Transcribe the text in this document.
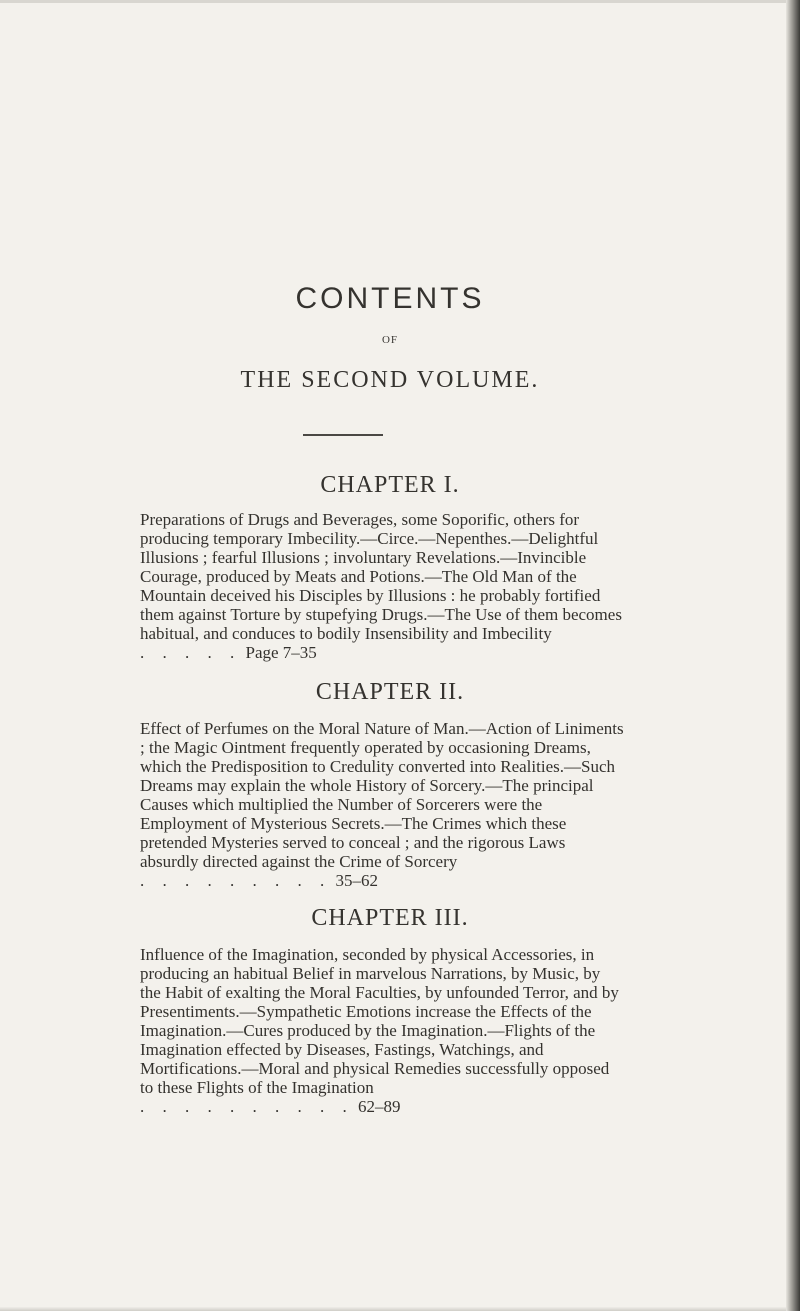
CONTENTS
OF
THE SECOND VOLUME.
CHAPTER I.

Preparations of Drugs and Beverages, some Soporific, others for producing temporary Imbecility.—Circe.—Nepenthes.—Delightful Illusions ; fearful Illusions ; involuntary Revelations.—Invincible Courage, produced by Meats and Potions.—The Old Man of the Mountain deceived his Disciples by Illusions : he probably fortified them against Torture by stupefying Drugs.—The Use of them becomes habitual, and conduces to bodily Insensibility and Imbecility . . . . . Page 7–35

CHAPTER II.

Effect of Perfumes on the Moral Nature of Man.—Action of Liniments ; the Magic Ointment frequently operated by occasioning Dreams, which the Predisposition to Credulity converted into Realities.—Such Dreams may explain the whole History of Sorcery.—The principal Causes which multiplied the Number of Sorcerers were the Employment of Mysterious Secrets.—The Crimes which these pretended Mysteries served to conceal ; and the rigorous Laws absurdly directed against the Crime of Sorcery . . . . . . . . . 35–62

CHAPTER III.

Influence of the Imagination, seconded by physical Accessories, in producing an habitual Belief in marvelous Narrations, by Music, by the Habit of exalting the Moral Faculties, by unfounded Terror, and by Presentiments.—Sympathetic Emotions increase the Effects of the Imagination.—Cures produced by the Imagination.—Flights of the Imagination effected by Diseases, Fastings, Watchings, and Mortifications.—Moral and physical Remedies successfully opposed to these Flights of the Imagination . . . . . . . . . . 62–89
